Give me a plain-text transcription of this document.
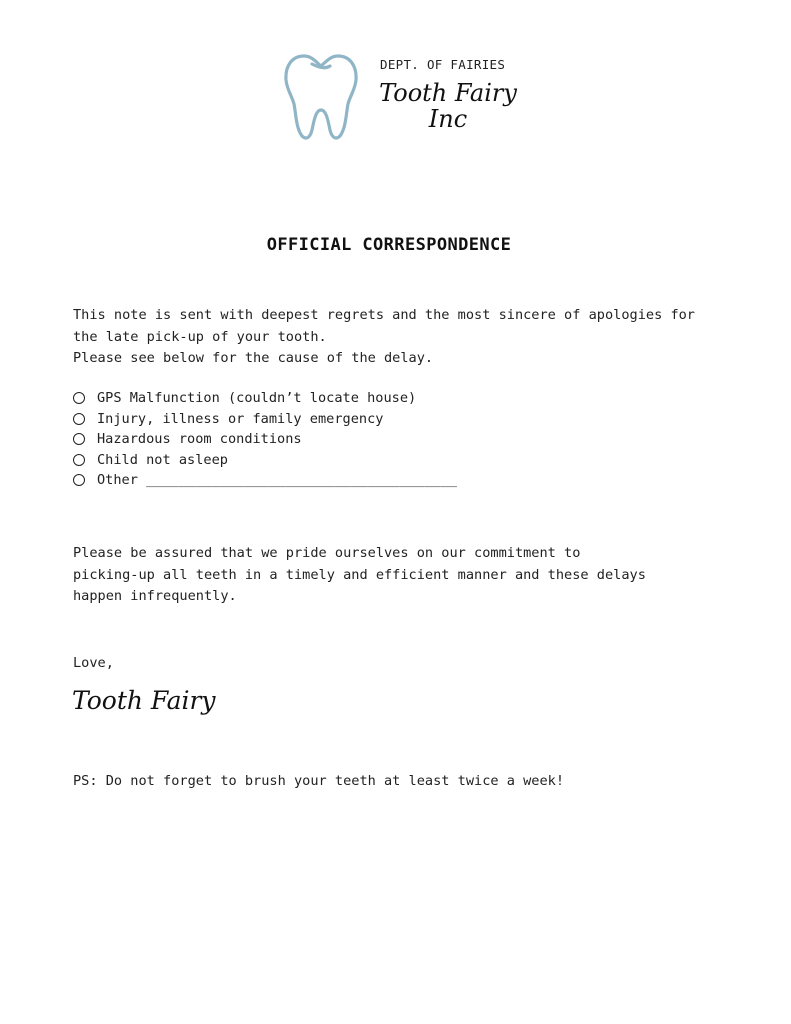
DEPT. OF FAIRIES
Tooth Fairy
Inc
OFFICIAL CORRESPONDENCE
This note is sent with deepest regrets and the most sincere of apologies for
the late pick-up of your tooth.
Please see below for the cause of the delay.
GPS Malfunction (couldn’t locate house)
Injury, illness or family emergency
Hazardous room conditions
Child not asleep
Other ______________________________________
Please be assured that we pride ourselves on our commitment to
picking-up all teeth in a timely and efficient manner and these delays
happen infrequently.
Love,
Tooth Fairy
PS: Do not forget to brush your teeth at least twice a week!
